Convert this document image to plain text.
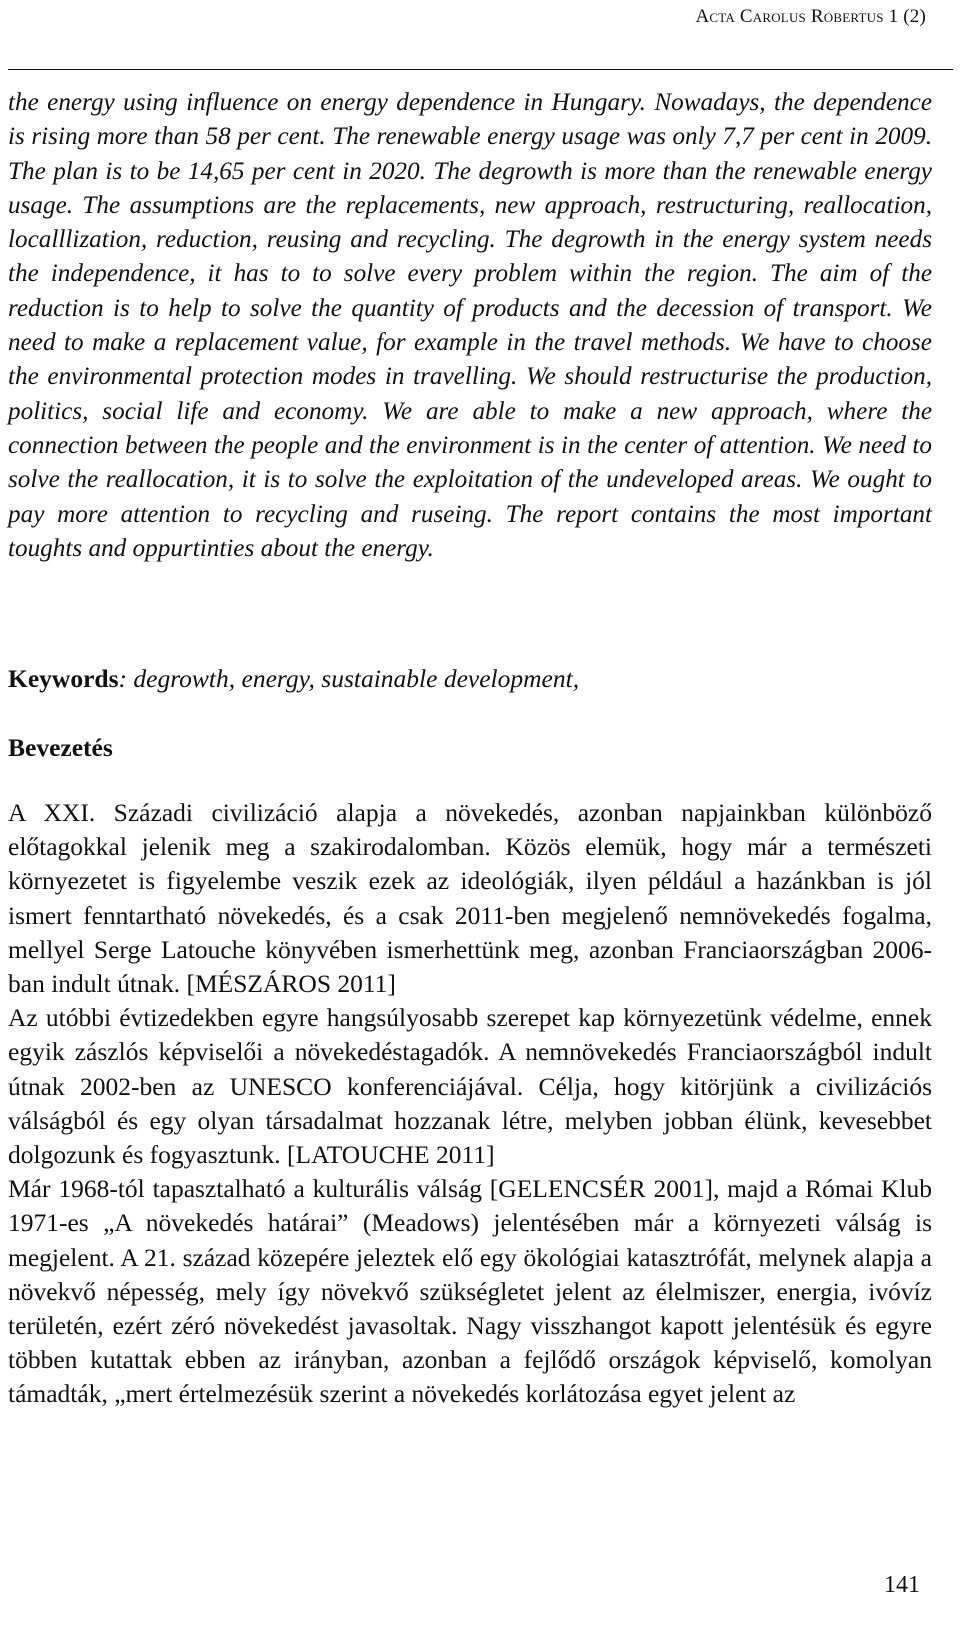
Acta Carolus Robertus 1 (2)
the energy using influence on energy dependence in Hungary. Nowadays, the dependence is rising more than 58 per cent. The renewable energy usage was only 7,7 per cent in 2009. The plan is to be 14,65 per cent in 2020. The degrowth is more than the renewable energy usage. The assumptions are the replacements, new approach, restructuring, reallocation, localllization, reduction, reusing and recycling. The degrowth in the energy system needs the independence, it has to to solve every problem within the region. The aim of the reduction is to help to solve the quantity of products and the decession of transport. We need to make a replacement value, for example in the travel methods. We have to choose the environmental protection modes in travelling. We should restructurise the production, politics, social life and economy. We are able to make a new approach, where the connection between the people and the environment is in the center of attention. We need to solve the reallocation, it is to solve the exploitation of the undeveloped areas. We ought to pay more attention to recycling and ruseing. The report contains the most important toughts and oppurtinties about the energy.
Keywords: degrowth, energy, sustainable development,
Bevezetés

A XXI. Századi civilizáció alapja a növekedés, azonban napjainkban különböző előtagokkal jelenik meg a szakirodalomban. Közös elemük, hogy már a természeti környezetet is figyelembe veszik ezek az ideológiák, ilyen például a hazánkban is jól ismert fenntartható növekedés, és a csak 2011-ben megjelenő nemnövekedés fogalma, mellyel Serge Latouche könyvében ismerhettünk meg, azonban Franciaországban 2006-ban indult útnak. [MÉSZÁROS 2011]

Az utóbbi évtizedekben egyre hangsúlyosabb szerepet kap környezetünk védelme, ennek egyik zászlós képviselői a növekedéstagadók. A nemnövekedés Franciaországból indult útnak 2002-ben az UNESCO konferenciájával. Célja, hogy kitörjünk a civilizációs válságból és egy olyan társadalmat hozzanak létre, melyben jobban élünk, kevesebbet dolgozunk és fogyasztunk. [LATOUCHE 2011]

Már 1968-tól tapasztalható a kulturális válság [GELENCSÉR 2001], majd a Római Klub 1971-es „A növekedés határai” (Meadows) jelentésében már a környezeti válság is megjelent. A 21. század közepére jeleztek elő egy ökológiai katasztrófát, melynek alapja a növekvő népesség, mely így növekvő szükségletet jelent az élelmiszer, energia, ivóvíz területén, ezért zéró növekedést javasoltak. Nagy visszhangot kapott jelentésük és egyre többen kutattak ebben az irányban, azonban a fejlődő országok képviselő, komolyan támadták, „mert értelmezésük szerint a növekedés korlátozása egyet jelent az

141
